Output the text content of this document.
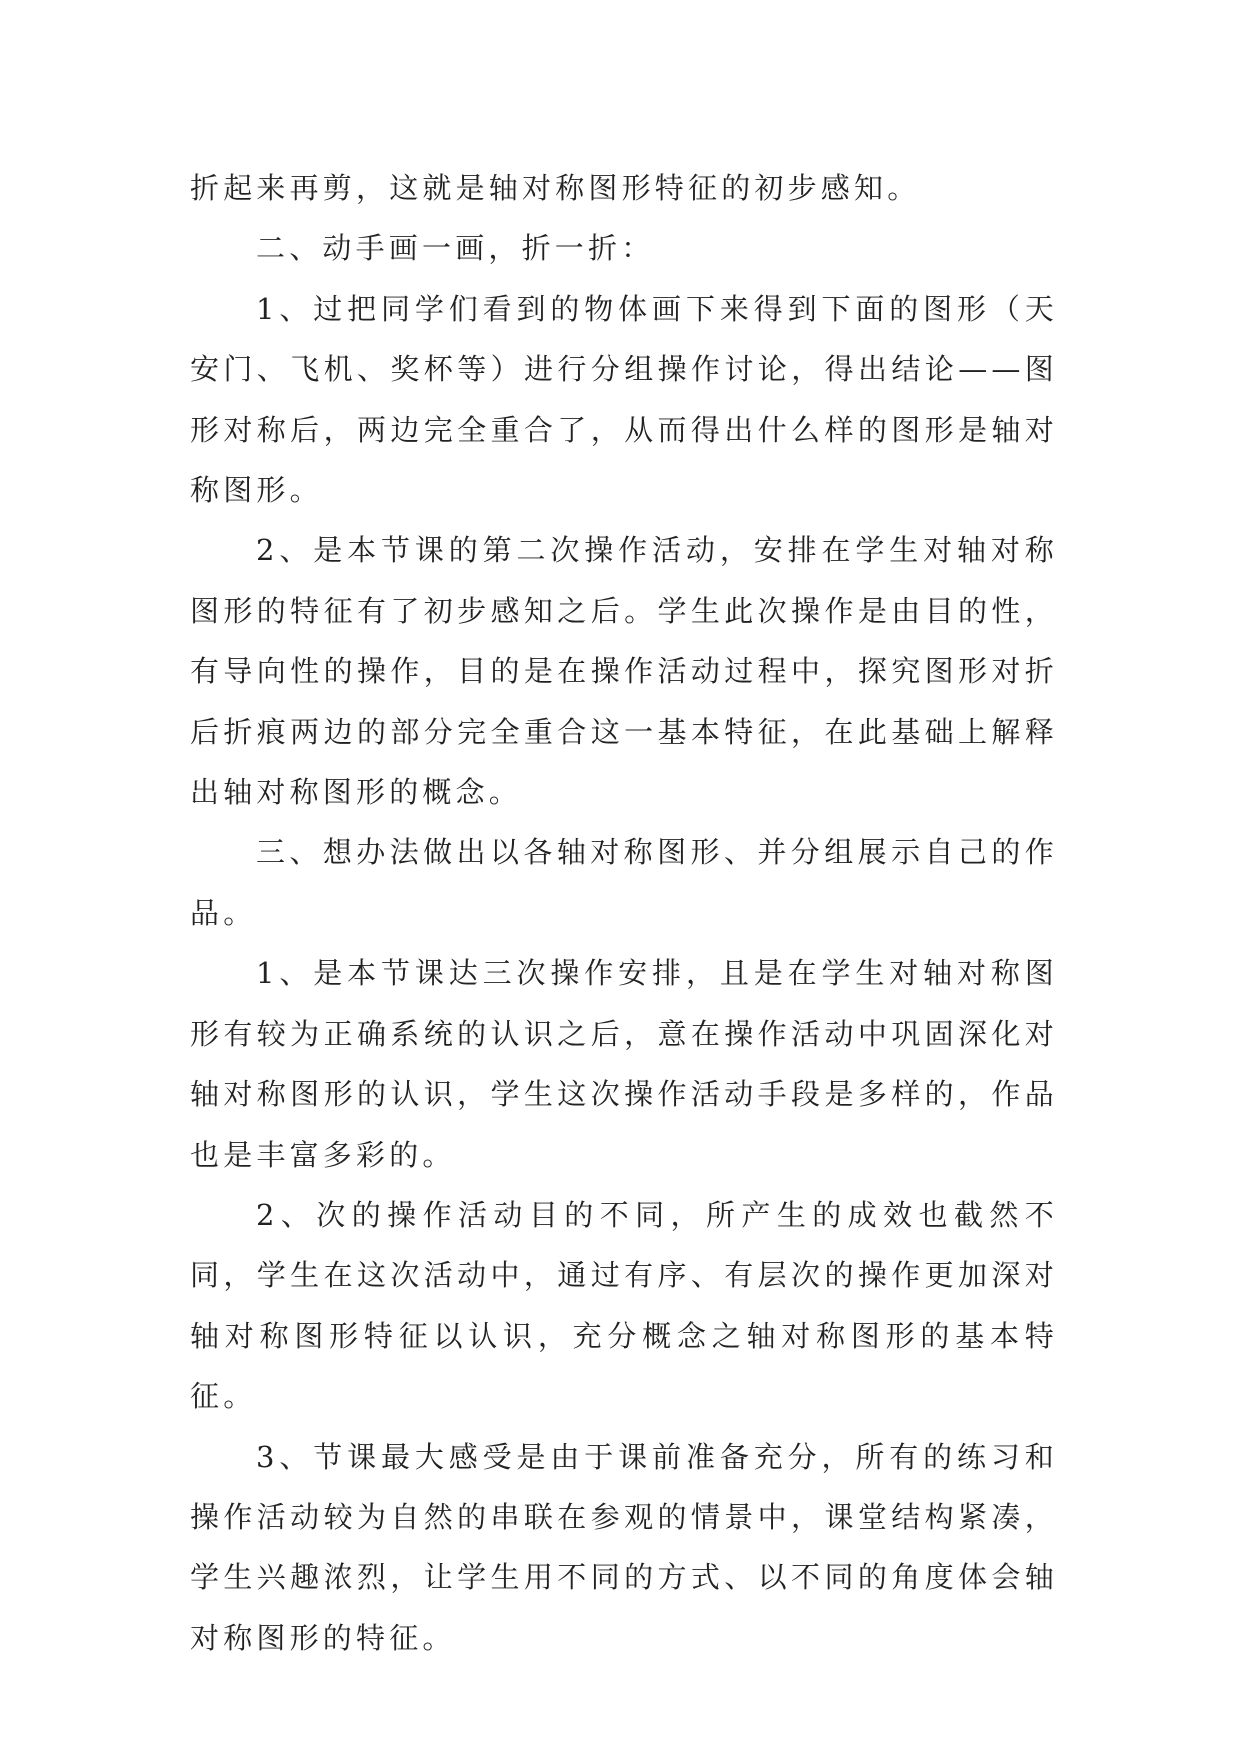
折起来再剪，这就是轴对称图形特征的初步感知。

二、动手画一画，折一折：

1、过把同学们看到的物体画下来得到下面的图形（天安门、飞机、奖杯等）进行分组操作讨论，得出结论——图形对称后，两边完全重合了，从而得出什么样的图形是轴对称图形。

2、是本节课的第二次操作活动，安排在学生对轴对称图形的特征有了初步感知之后。学生此次操作是由目的性，有导向性的操作，目的是在操作活动过程中，探究图形对折后折痕两边的部分完全重合这一基本特征，在此基础上解释出轴对称图形的概念。

三、想办法做出以各轴对称图形、并分组展示自己的作品。

1、是本节课达三次操作安排，且是在学生对轴对称图形有较为正确系统的认识之后，意在操作活动中巩固深化对轴对称图形的认识，学生这次操作活动手段是多样的，作品也是丰富多彩的。

2、次的操作活动目的不同，所产生的成效也截然不同，学生在这次活动中，通过有序、有层次的操作更加深对轴对称图形特征以认识，充分概念之轴对称图形的基本特征。

3、节课最大感受是由于课前准备充分，所有的练习和操作活动较为自然的串联在参观的情景中，课堂结构紧凑，学生兴趣浓烈，让学生用不同的方式、以不同的角度体会轴对称图形的特征。
